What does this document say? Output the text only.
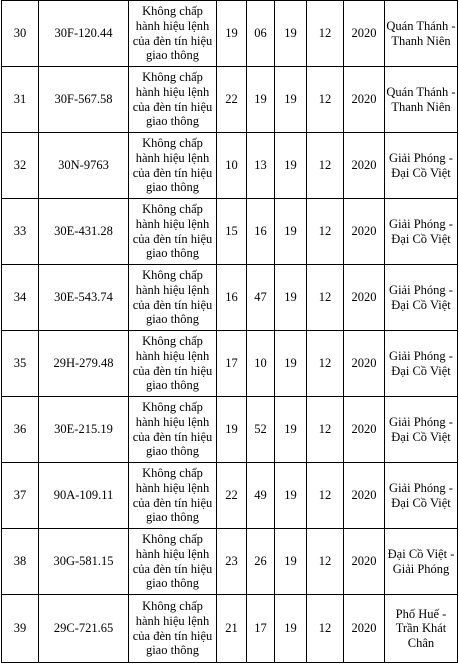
30	30F-120.44	Không chấp
hành hiệu lệnh
của đèn tín hiệu
giao thông	19	06	19	12	2020	Quán Thánh -
Thanh Niên
31	30F-567.58	Không chấp
hành hiệu lệnh
của đèn tín hiệu
giao thông	22	19	19	12	2020	Quán Thánh -
Thanh Niên
32	30N-9763	Không chấp
hành hiệu lệnh
của đèn tín hiệu
giao thông	10	13	19	12	2020	Giải Phóng -
Đại Cồ Việt
33	30E-431.28	Không chấp
hành hiệu lệnh
của đèn tín hiệu
giao thông	15	16	19	12	2020	Giải Phóng -
Đại Cồ Việt
34	30E-543.74	Không chấp
hành hiệu lệnh
của đèn tín hiệu
giao thông	16	47	19	12	2020	Giải Phóng -
Đại Cồ Việt
35	29H-279.48	Không chấp
hành hiệu lệnh
của đèn tín hiệu
giao thông	17	10	19	12	2020	Giải Phóng -
Đại Cồ Việt
36	30E-215.19	Không chấp
hành hiệu lệnh
của đèn tín hiệu
giao thông	19	52	19	12	2020	Giải Phóng -
Đại Cồ Việt
37	90A-109.11	Không chấp
hành hiệu lệnh
của đèn tín hiệu
giao thông	22	49	19	12	2020	Giải Phóng -
Đại Cồ Việt
38	30G-581.15	Không chấp
hành hiệu lệnh
của đèn tín hiệu
giao thông	23	26	19	12	2020	Đại Cồ Việt -
Giải Phóng
39	29C-721.65	Không chấp
hành hiệu lệnh
của đèn tín hiệu
giao thông	21	17	19	12	2020	Phố Huế -
Trần Khát
Chân
